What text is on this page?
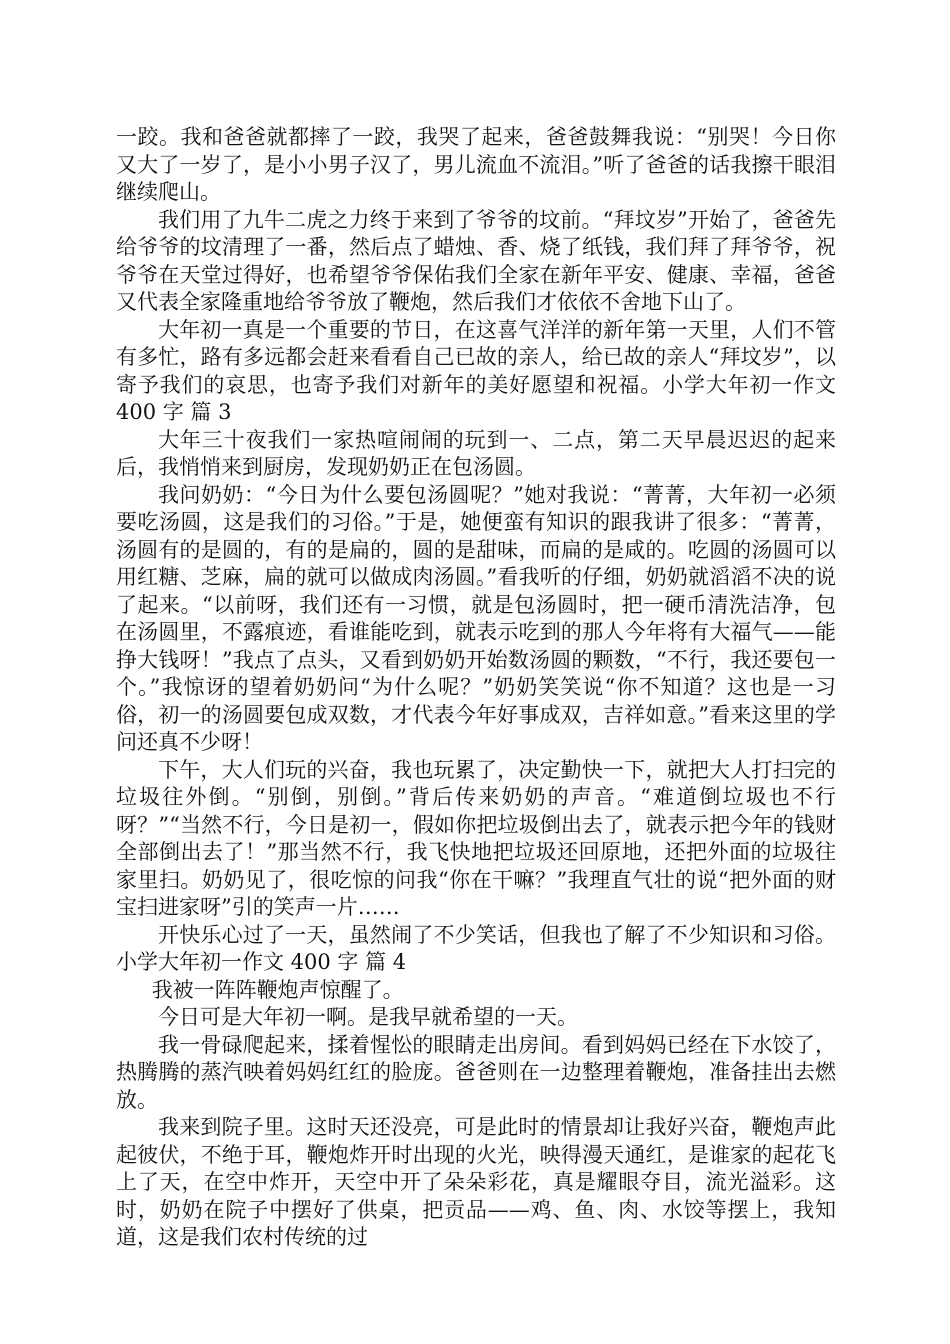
一跤。我和爸爸就都摔了一跤，我哭了起来，爸爸鼓舞我说：“别哭！今日你又大了一岁了，是小小男子汉了，男儿流血不流泪。”听了爸爸的话我擦干眼泪继续爬山。

我们用了九牛二虎之力终于来到了爷爷的坟前。“拜坟岁”开始了，爸爸先给爷爷的坟清理了一番，然后点了蜡烛、香、烧了纸钱，我们拜了拜爷爷，祝爷爷在天堂过得好，也希望爷爷保佑我们全家在新年平安、健康、幸福，爸爸又代表全家隆重地给爷爷放了鞭炮，然后我们才依依不舍地下山了。

大年初一真是一个重要的节日，在这喜气洋洋的新年第一天里，人们不管有多忙，路有多远都会赶来看看自己已故的亲人，给已故的亲人“拜坟岁”，以寄予我们的哀思，也寄予我们对新年的美好愿望和祝福。小学大年初一作文 400 字 篇 3

大年三十夜我们一家热喧闹闹的玩到一、二点，第二天早晨迟迟的起来后，我悄悄来到厨房，发现奶奶正在包汤圆。

我问奶奶：“今日为什么要包汤圆呢？”她对我说：“菁菁，大年初一必须要吃汤圆，这是我们的习俗。”于是，她便蛮有知识的跟我讲了很多：“菁菁，汤圆有的是圆的，有的是扁的，圆的是甜味，而扁的是咸的。吃圆的汤圆可以用红糖、芝麻，扁的就可以做成肉汤圆。”看我听的仔细，奶奶就滔滔不决的说了起来。“以前呀，我们还有一习惯，就是包汤圆时，把一硬币清洗洁净，包在汤圆里，不露痕迹，看谁能吃到，就表示吃到的那人今年将有大福气——能挣大钱呀！”我点了点头，又看到奶奶开始数汤圆的颗数，“不行，我还要包一个。”我惊讶的望着奶奶问“为什么呢？”奶奶笑笑说“你不知道？这也是一习俗，初一的汤圆要包成双数，才代表今年好事成双，吉祥如意。”看来这里的学问还真不少呀！

下午，大人们玩的兴奋，我也玩累了，决定勤快一下，就把大人打扫完的垃圾往外倒。“别倒，别倒。”背后传来奶奶的声音。“难道倒垃圾也不行呀？”“当然不行，今日是初一，假如你把垃圾倒出去了，就表示把今年的钱财全部倒出去了！”那当然不行，我飞快地把垃圾还回原地，还把外面的垃圾往家里扫。奶奶见了，很吃惊的问我“你在干嘛？”我理直气壮的说“把外面的财宝扫进家呀”引的笑声一片……

开快乐心过了一天，虽然闹了不少笑话，但我也了解了不少知识和习俗。小学大年初一作文 400 字 篇 4

我被一阵阵鞭炮声惊醒了。

今日可是大年初一啊。是我早就希望的一天。

我一骨碌爬起来，揉着惺忪的眼睛走出房间。看到妈妈已经在下水饺了，热腾腾的蒸汽映着妈妈红红的脸庞。爸爸则在一边整理着鞭炮，准备挂出去燃放。

我来到院子里。这时天还没亮，可是此时的情景却让我好兴奋，鞭炮声此起彼伏，不绝于耳，鞭炮炸开时出现的火光，映得漫天通红，是谁家的起花飞上了天，在空中炸开，天空中开了朵朵彩花，真是耀眼夺目，流光溢彩。这时，奶奶在院子中摆好了供桌，把贡品——鸡、鱼、肉、水饺等摆上，我知道，这是我们农村传统的过
